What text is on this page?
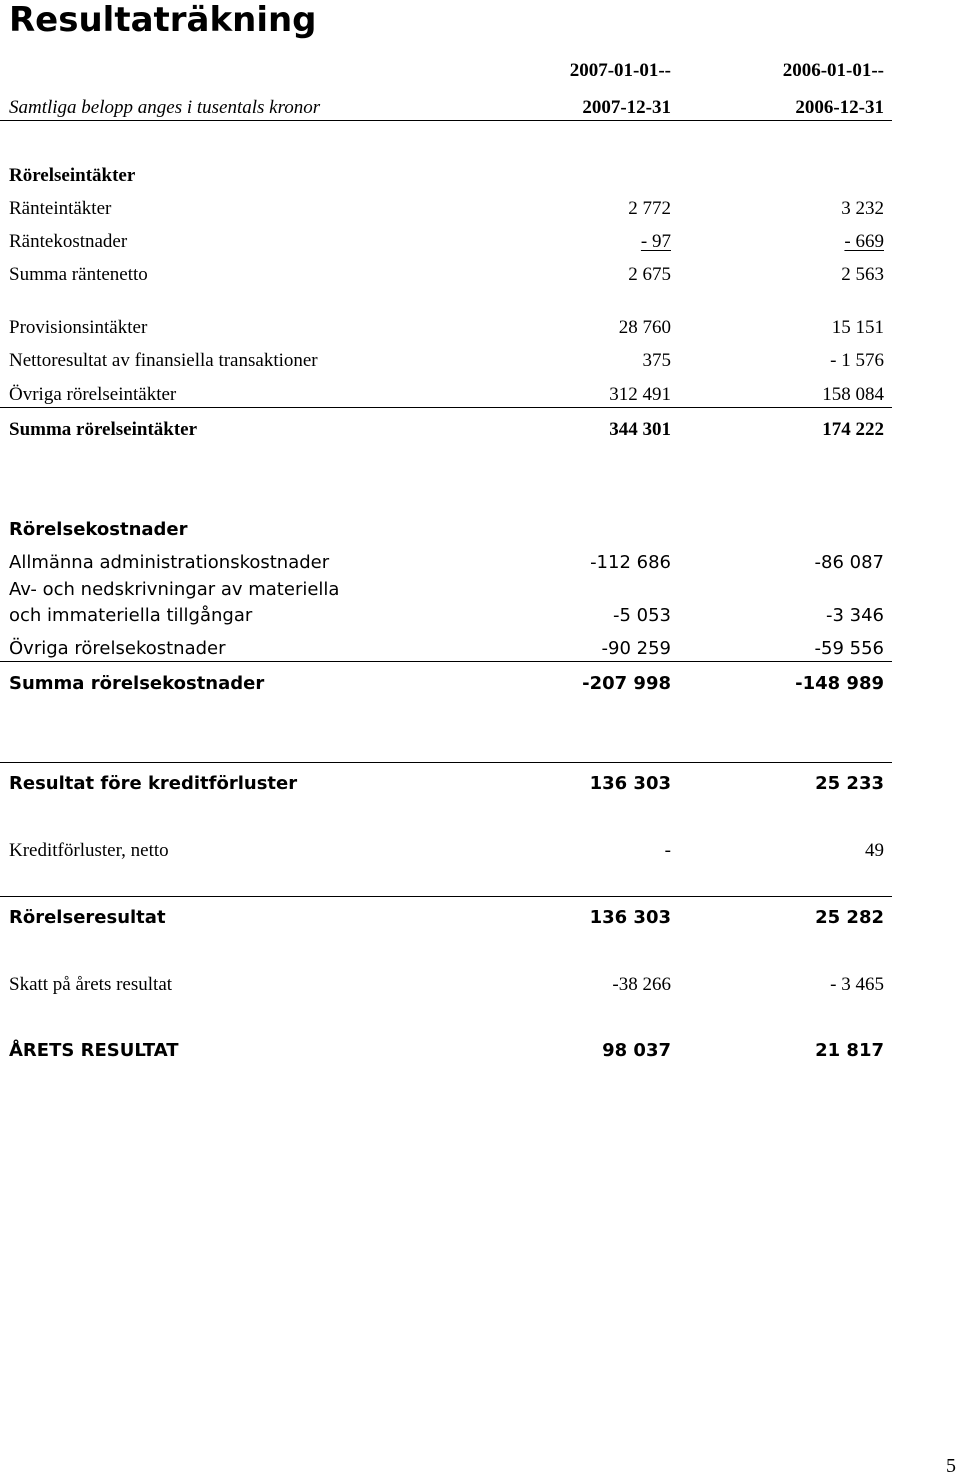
Resultaträkning
2007-01-01--	2006-01-01--
Samtliga belopp anges i tusentals kronor	2007-12-31	2006-12-31
Rörelseintäkter
Ränteintäkter	2 772	3 232
Räntekostnader	- 97	- 669
Summa räntenetto	2 675	2 563
Provisionsintäkter	28 760	15 151
Nettoresultat av finansiella transaktioner	375	- 1 576
Övriga rörelseintäkter	312 491	158 084
Summa rörelseintäkter	344 301	174 222
Rörelsekostnader
Allmänna administrationskostnader	-112 686	-86 087
Av- och nedskrivningar av materiella
och immateriella tillgångar	-5 053	-3 346
Övriga rörelsekostnader	-90 259	-59 556
Summa rörelsekostnader	-207 998	-148 989
Resultat före kreditförluster	136 303	25 233
Kreditförluster, netto	-	49
Rörelseresultat	136 303	25 282
Skatt på årets resultat	-38 266	- 3 465
ÅRETS RESULTAT	98 037	21 817
5
